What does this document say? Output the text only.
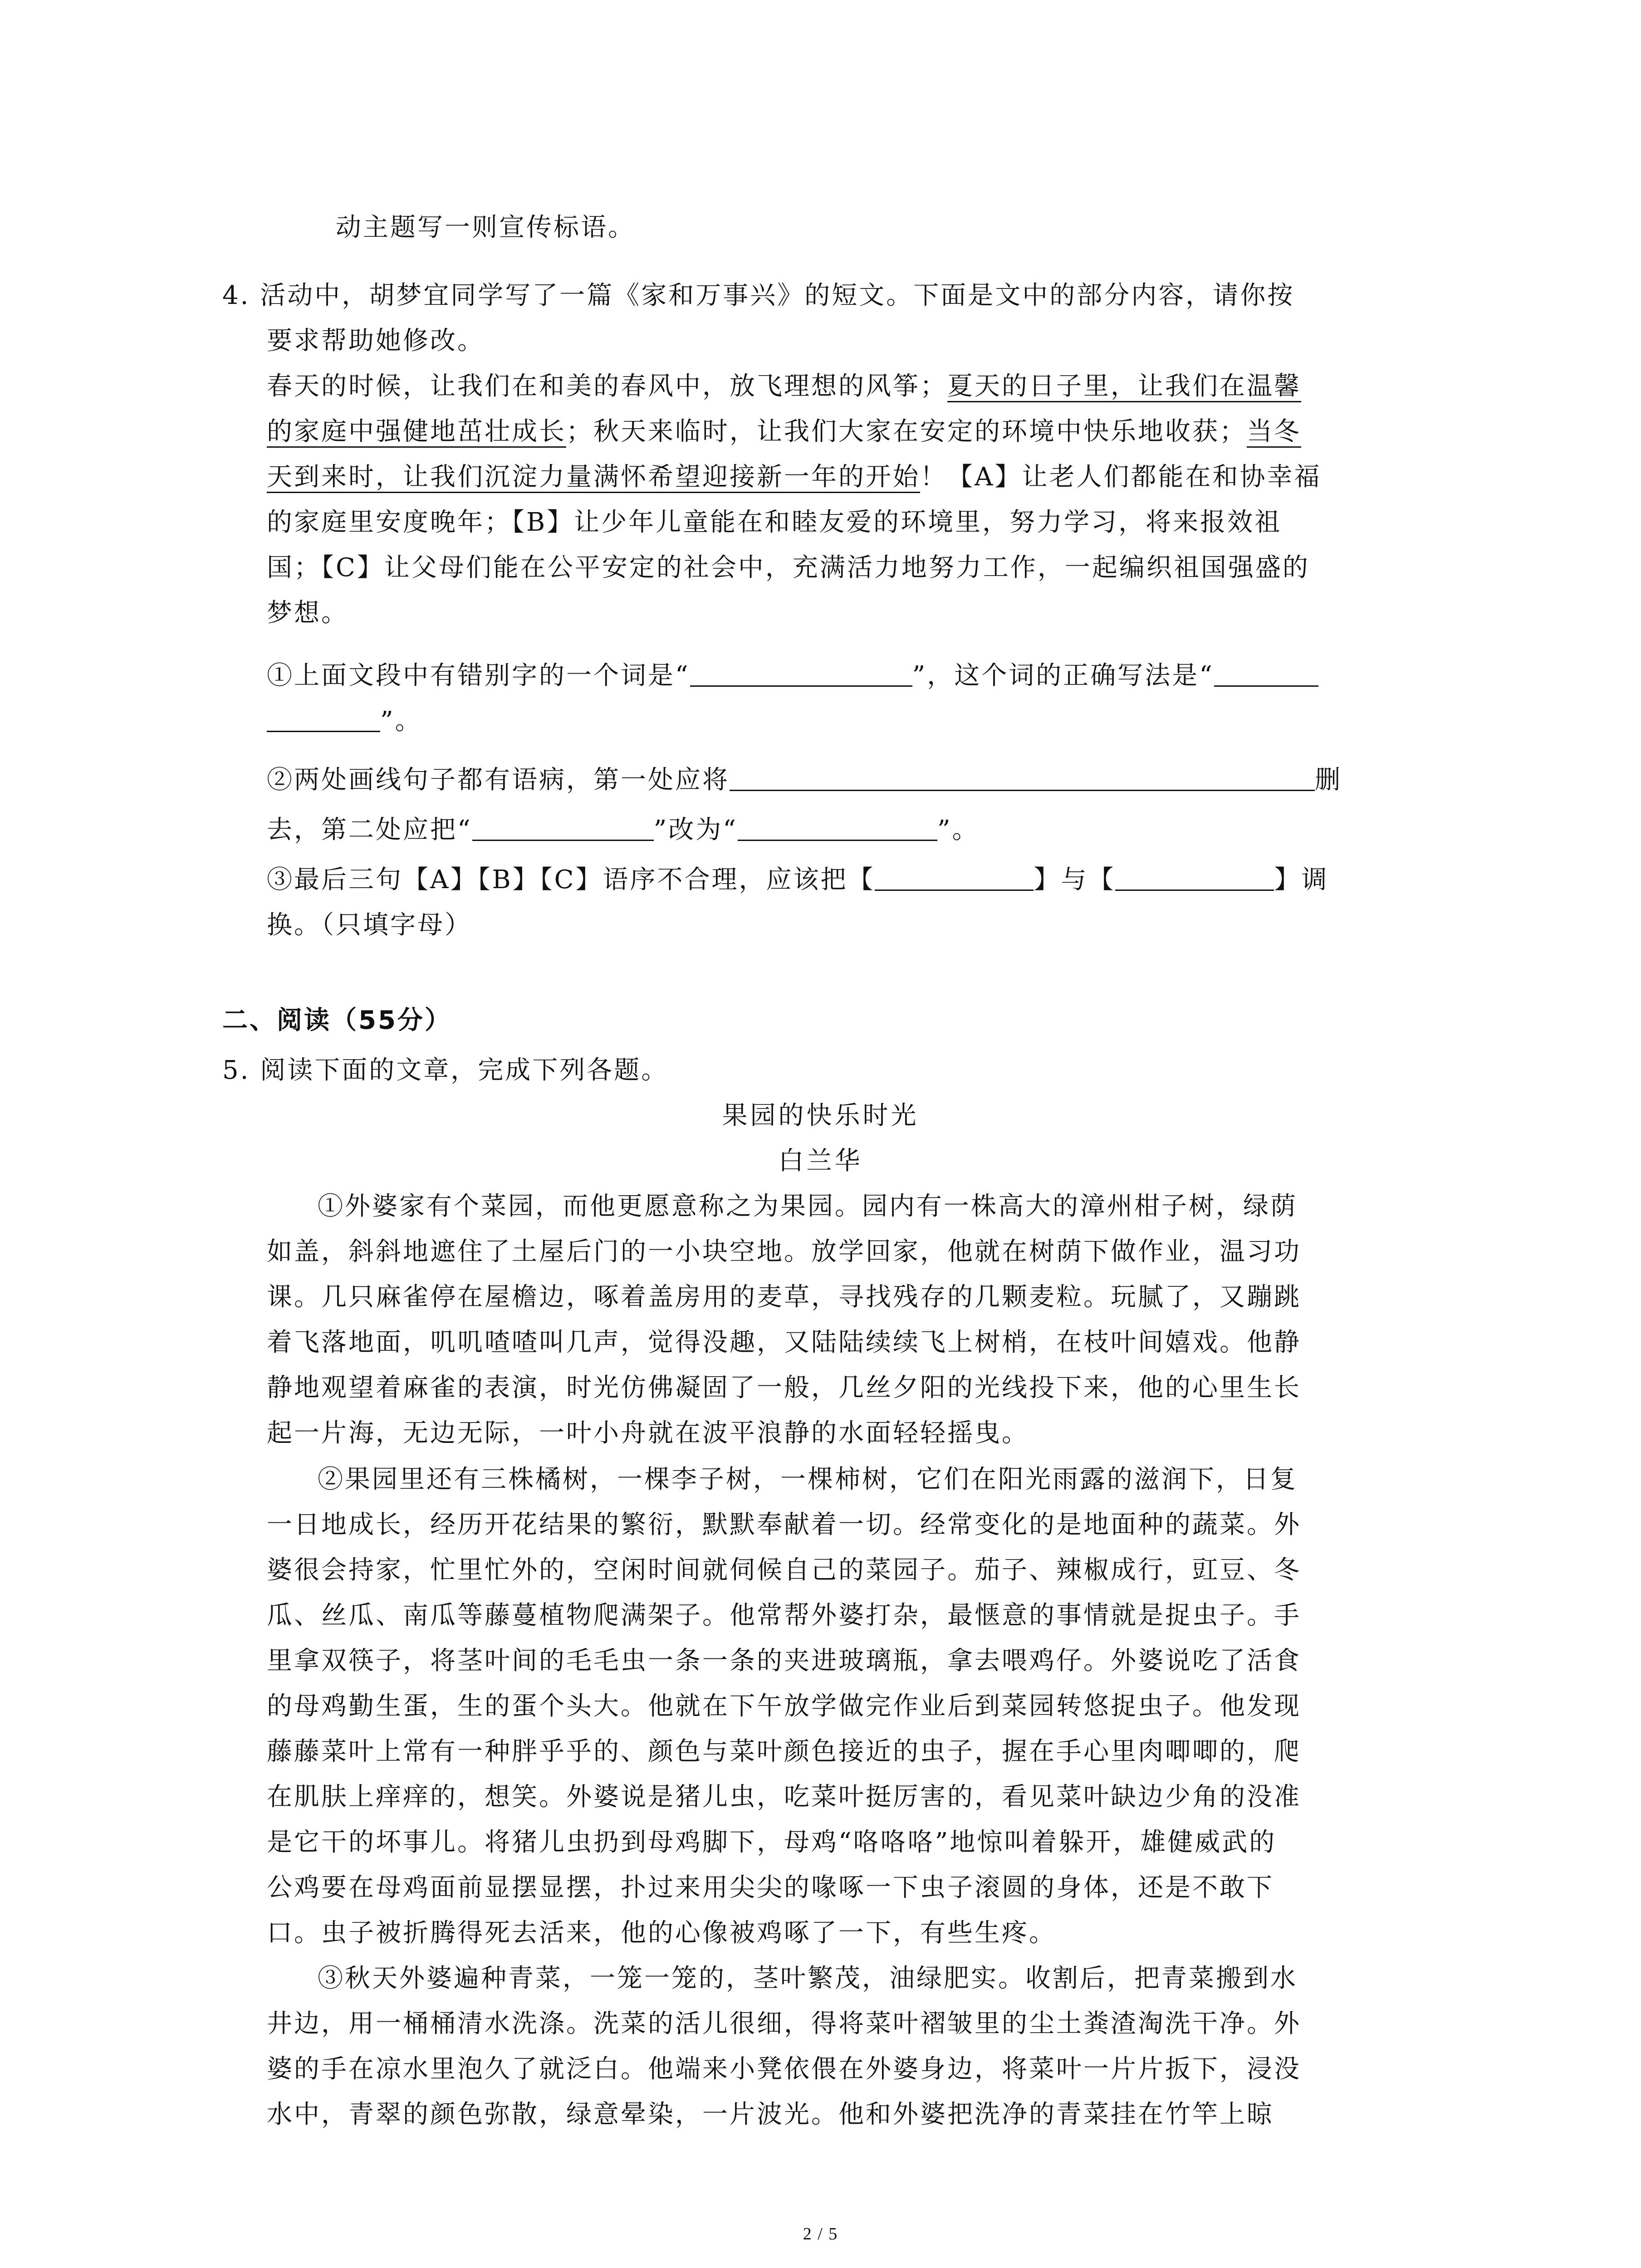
动主题写一则宣传标语。
4. 活动中，胡梦宜同学写了一篇《家和万事兴》的短文。下面是文中的部分内容，请你按
要求帮助她修改。
春天的时候，让我们在和美的春风中，放飞理想的风筝；夏天的日子里，让我们在温馨
的家庭中强健地茁壮成长；秋天来临时，让我们大家在安定的环境中快乐地收获；当冬
天到来时，让我们沉淀力量满怀希望迎接新一年的开始！【A】让老人们都能在和协幸福
的家庭里安度晚年；【B】让少年儿童能在和睦友爱的环境里，努力学习，将来报效祖
国；【C】让父母们能在公平安定的社会中，充满活力地努力工作，一起编织祖国强盛的
梦想。
①上面文段中有错别字的一个词是“	”，这个词的正确写法是“
”。
②两处画线句子都有语病，第一处应将	删
去，第二处应把“	”改为“	”。
③最后三句【A】【B】【C】语序不合理，应该把【	】与【	】调
换。（只填字母）
二、阅读（55分）
5. 阅读下面的文章，完成下列各题。
果园的快乐时光
白兰华
①外婆家有个菜园，而他更愿意称之为果园。园内有一株高大的漳州柑子树，绿荫
如盖，斜斜地遮住了土屋后门的一小块空地。放学回家，他就在树荫下做作业，温习功
课。几只麻雀停在屋檐边，啄着盖房用的麦草，寻找残存的几颗麦粒。玩腻了，又蹦跳
着飞落地面，叽叽喳喳叫几声，觉得没趣，又陆陆续续飞上树梢，在枝叶间嬉戏。他静
静地观望着麻雀的表演，时光仿佛凝固了一般，几丝夕阳的光线投下来，他的心里生长
起一片海，无边无际，一叶小舟就在波平浪静的水面轻轻摇曳。
②果园里还有三株橘树，一棵李子树，一棵柿树，它们在阳光雨露的滋润下，日复
一日地成长，经历开花结果的繁衍，默默奉献着一切。经常变化的是地面种的蔬菜。外
婆很会持家，忙里忙外的，空闲时间就伺候自己的菜园子。茄子、辣椒成行，豇豆、冬
瓜、丝瓜、南瓜等藤蔓植物爬满架子。他常帮外婆打杂，最惬意的事情就是捉虫子。手
里拿双筷子，将茎叶间的毛毛虫一条一条的夹进玻璃瓶，拿去喂鸡仔。外婆说吃了活食
的母鸡勤生蛋，生的蛋个头大。他就在下午放学做完作业后到菜园转悠捉虫子。他发现
藤藤菜叶上常有一种胖乎乎的、颜色与菜叶颜色接近的虫子，握在手心里肉唧唧的，爬
在肌肤上痒痒的，想笑。外婆说是猪儿虫，吃菜叶挺厉害的，看见菜叶缺边少角的没准
是它干的坏事儿。将猪儿虫扔到母鸡脚下，母鸡“咯咯咯”地惊叫着躲开，雄健威武的
公鸡要在母鸡面前显摆显摆，扑过来用尖尖的喙啄一下虫子滚圆的身体，还是不敢下
口。虫子被折腾得死去活来，他的心像被鸡啄了一下，有些生疼。
③秋天外婆遍种青菜，一笼一笼的，茎叶繁茂，油绿肥实。收割后，把青菜搬到水
井边，用一桶桶清水洗涤。洗菜的活儿很细，得将菜叶褶皱里的尘土粪渣淘洗干净。外
婆的手在凉水里泡久了就泛白。他端来小凳依偎在外婆身边，将菜叶一片片扳下，浸没
水中，青翠的颜色弥散，绿意晕染，一片波光。他和外婆把洗净的青菜挂在竹竿上晾
2 / 5
